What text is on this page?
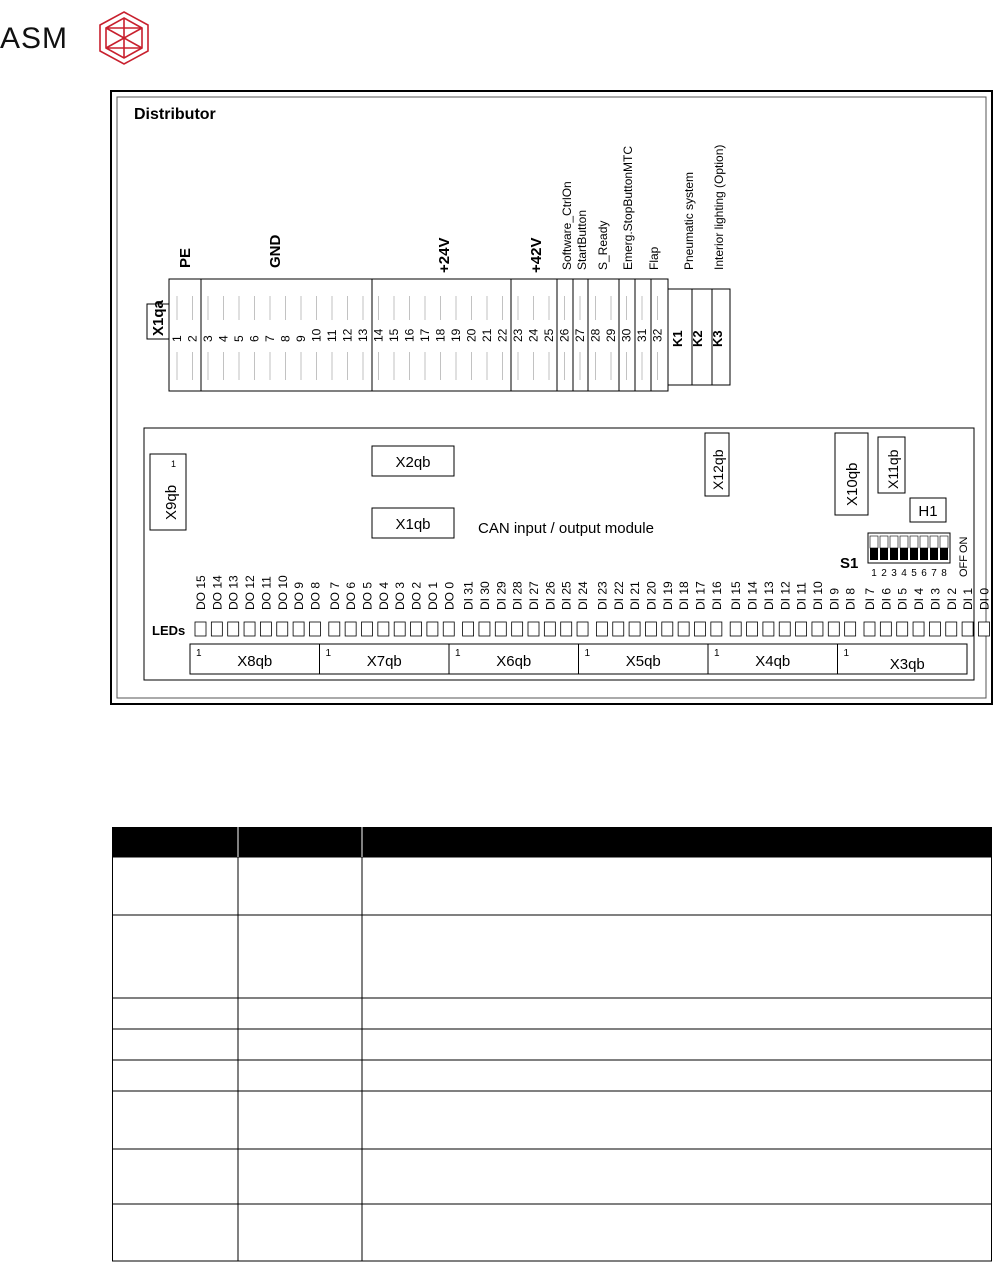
ASM
Distributor
X1qa
1 2 3 4 5 6 7 8 9 10 11 12 13 14 15 16 17 18 19 20 21 22 23 24 25 26 27 28 29 30 31 32 K1 K2 K3
PE	GND	+24V	+42V Software_CtrlOn StartButton S_Ready Emerg.StopButtonMTC Flap Pneumatic system Interior lighting (Option)
X9qb
1	X2qb
X1qb	CAN input / output module
X12qb	X10qb X11qb
H1
S1
1 2 3 4 5 6 7 8
ON
OFF
LEDs
DO 15 DO 14 DO 13 DO 12 DO 11 DO 10 DO 9 DO 8 DO 7 DO 6 DO 5 DO 4 DO 3 DO 2 DO 1 DO 0 DI 31 DI 30 DI 29 DI 28 DI 27 DI 26 DI 25 DI 24 DI 23 DI 22 DI 21 DI 20 DI 19 DI 18 DI 17 DI 16 DI 15 DI 14 DI 13 DI 12 DI 11 DI 10 DI 9 DI 8 DI 7 DI 6 DI 5 DI 4 DI 3 DI 2 DI 1 DI 0
1 X8qb	1 X7qb	1 X6qb	1 X5qb	1 X4qb	1
X3qb
